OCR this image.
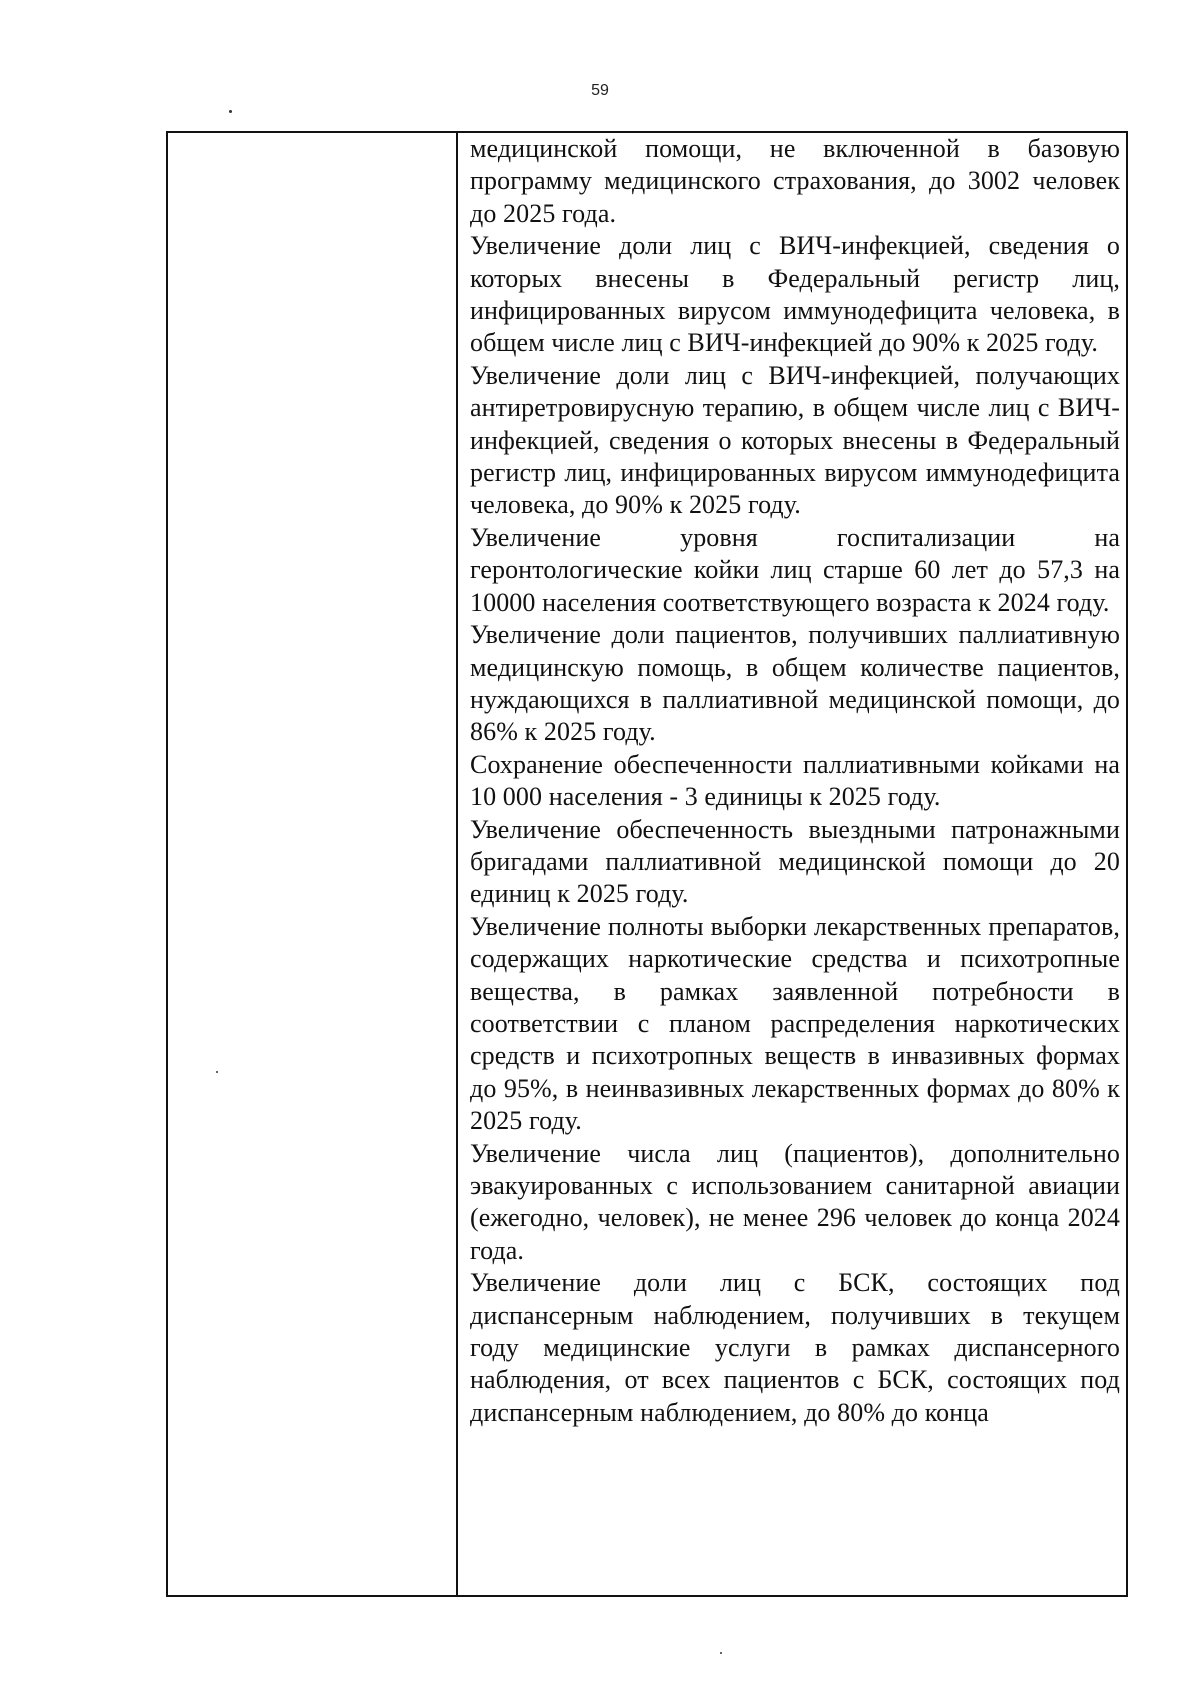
59

медицинской помощи, не включенной в базовую программу медицинского страхования, до 3002 человек до 2025 года.

Увеличение доли лиц с ВИЧ-инфекцией, сведения о которых внесены в Федеральный регистр лиц, инфицированных вирусом иммунодефицита человека, в общем числе лиц с ВИЧ-инфекцией до 90% к 2025 году.

Увеличение доли лиц с ВИЧ-инфекцией, получающих антиретровирусную терапию, в общем числе лиц с ВИЧ-инфекцией, сведения о которых внесены в Федеральный регистр лиц, инфицированных вирусом иммунодефицита человека, до 90% к 2025 году.

Увеличение уровня госпитализации на геронтологические койки лиц старше 60 лет до 57,3 на 10000 населения соответствующего возраста к 2024 году.

Увеличение доли пациентов, получивших паллиативную медицинскую помощь, в общем количестве пациентов, нуждающихся в паллиативной медицинской помощи, до 86% к 2025 году.

Сохранение обеспеченности паллиативными койками на 10 000 населения - 3 единицы к 2025 году.

Увеличение обеспеченность выездными патронажными бригадами паллиативной медицинской помощи до 20 единиц к 2025 году.

Увеличение полноты выборки лекарственных препаратов, содержащих наркотические средства и психотропные вещества, в рамках заявленной потребности в соответствии с планом распределения наркотических средств и психотропных веществ в инвазивных формах до 95%, в неинвазивных лекарственных формах до 80% к 2025 году.

Увеличение числа лиц (пациентов), дополнительно эвакуированных с использованием санитарной авиации (ежегодно, человек), не менее 296 человек до конца 2024 года.

Увеличение доли лиц с БСК, состоящих под диспансерным наблюдением, получивших в текущем году медицинские услуги в рамках диспансерного наблюдения, от всех пациентов с БСК, состоящих под диспансерным наблюдением, до 80% до конца
